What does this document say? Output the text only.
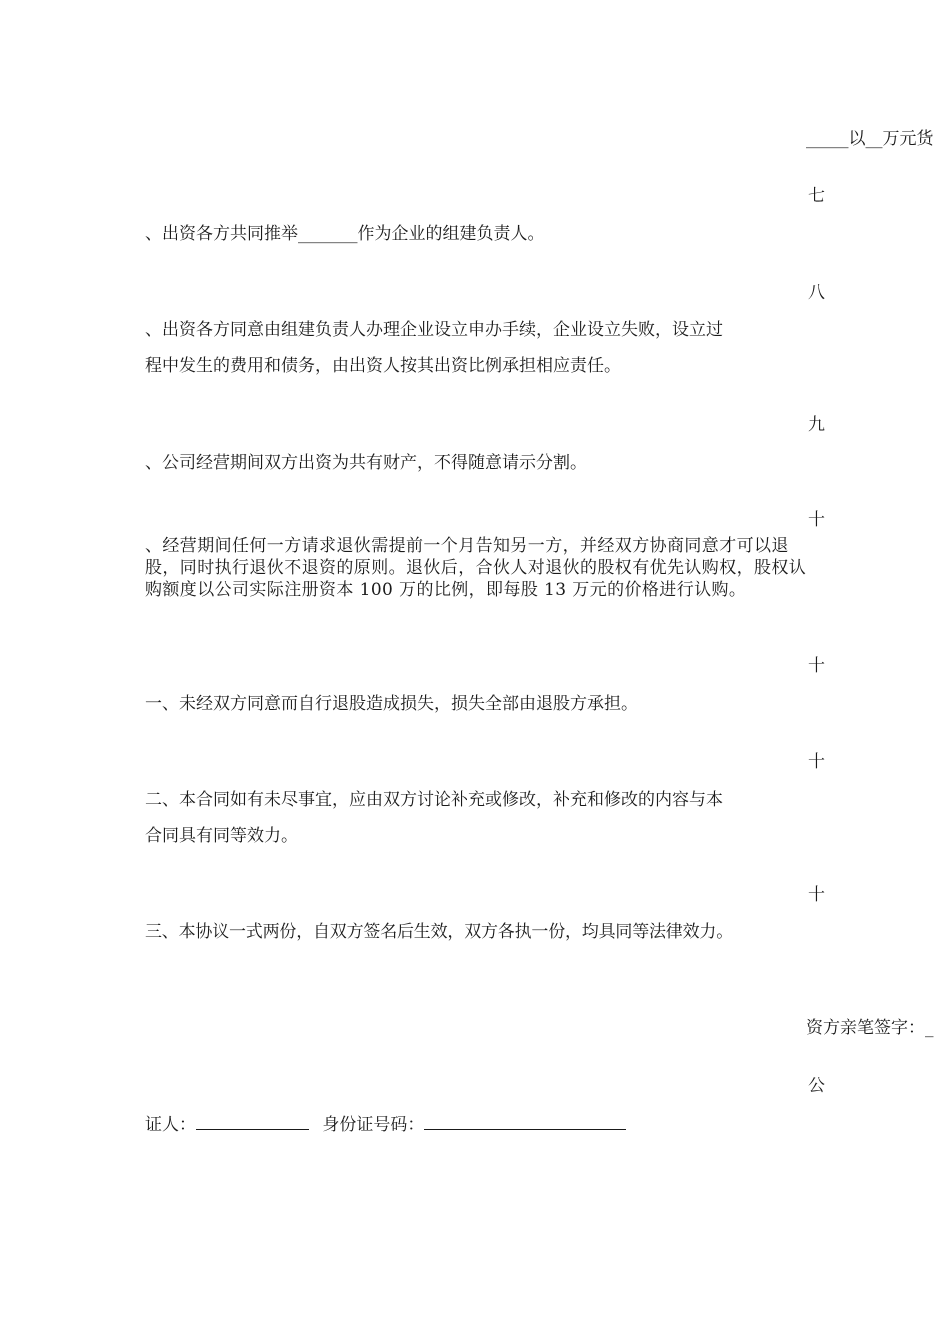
_____以__万元货
七
、出资各方共同推举_______作为企业的组建负责人。
八
、出资各方同意由组建负责人办理企业设立申办手续，企业设立失败，设立过
程中发生的费用和债务，由出资人按其出资比例承担相应责任。
九
、公司经营期间双方出资为共有财产，不得随意请示分割。
十
、经营期间任何一方请求退伙需提前一个月告知另一方，并经双方协商同意才可以退股，同时执行退伙不退资的原则。退伙后，合伙人对退伙的股权有优先认购权，股权认购额度以公司实际注册资本 100 万的比例，即每股 13 万元的价格进行认购。
十
一、未经双方同意而自行退股造成损失，损失全部由退股方承担。
十
二、本合同如有未尽事宜，应由双方讨论补充或修改，补充和修改的内容与本
合同具有同等效力。
十
三、本协议一式两份，自双方签名后生效，双方各执一份，均具同等法律效力。
资方亲笔签字：_
公
证人：	身份证号码：
